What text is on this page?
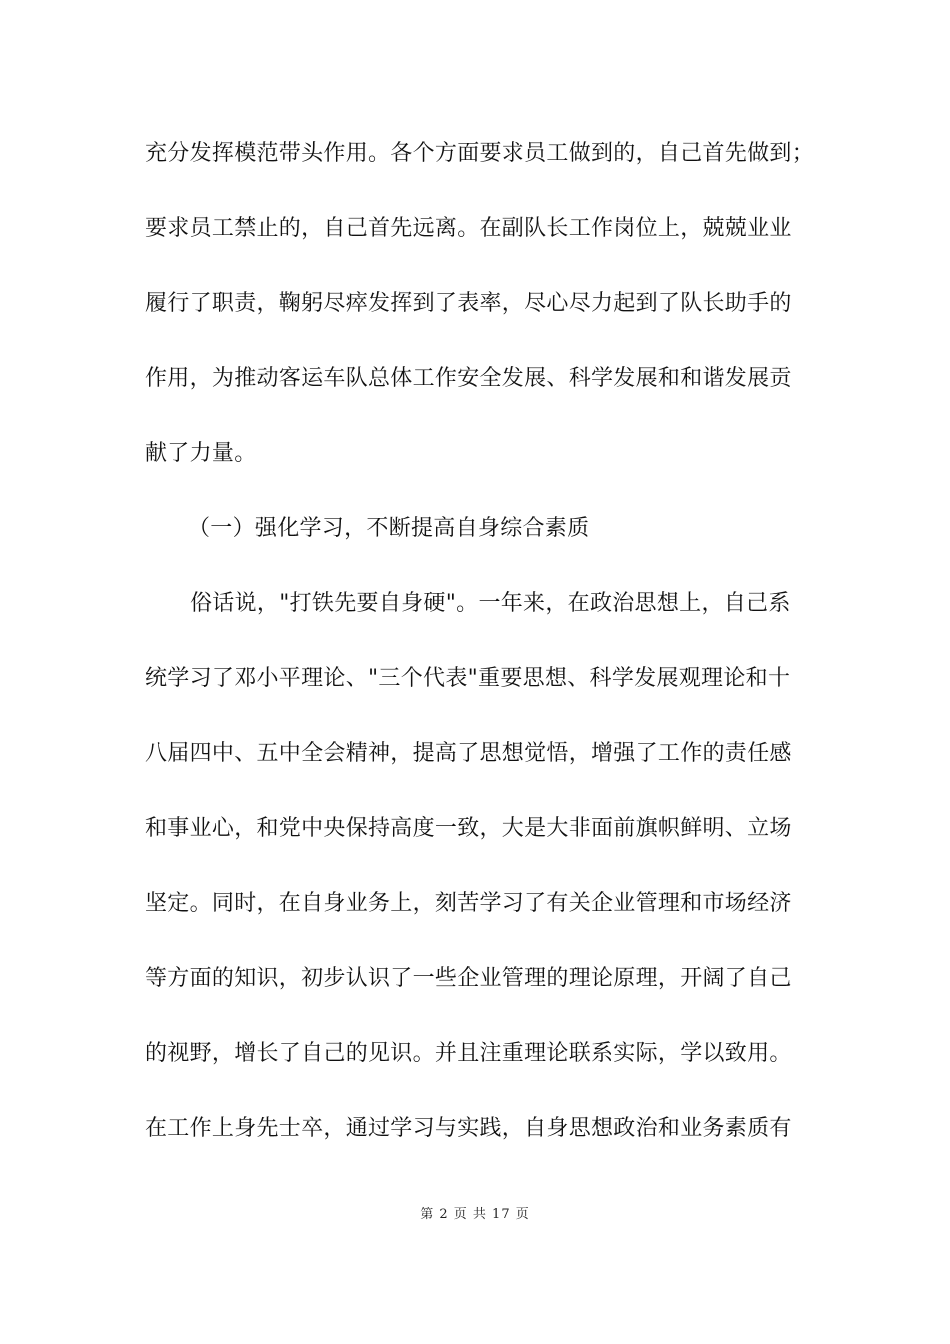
充分发挥模范带头作用。各个方面要求员工做到的，自己首先做到；
要求员工禁止的，自己首先远离。在副队长工作岗位上，兢兢业业
履行了职责，鞠躬尽瘁发挥到了表率，尽心尽力起到了队长助手的
作用，为推动客运车队总体工作安全发展、科学发展和和谐发展贡
献了力量。
（一）强化学习，不断提高自身综合素质
俗话说，"打铁先要自身硬"。一年来，在政治思想上，自己系
统学习了邓小平理论、"三个代表"重要思想、科学发展观理论和十
八届四中、五中全会精神，提高了思想觉悟，增强了工作的责任感
和事业心，和党中央保持高度一致，大是大非面前旗帜鲜明、立场
坚定。同时，在自身业务上，刻苦学习了有关企业管理和市场经济
等方面的知识，初步认识了一些企业管理的理论原理，开阔了自己
的视野，增长了自己的见识。并且注重理论联系实际，学以致用。
在工作上身先士卒，通过学习与实践，自身思想政治和业务素质有
第 2 页 共 17 页
